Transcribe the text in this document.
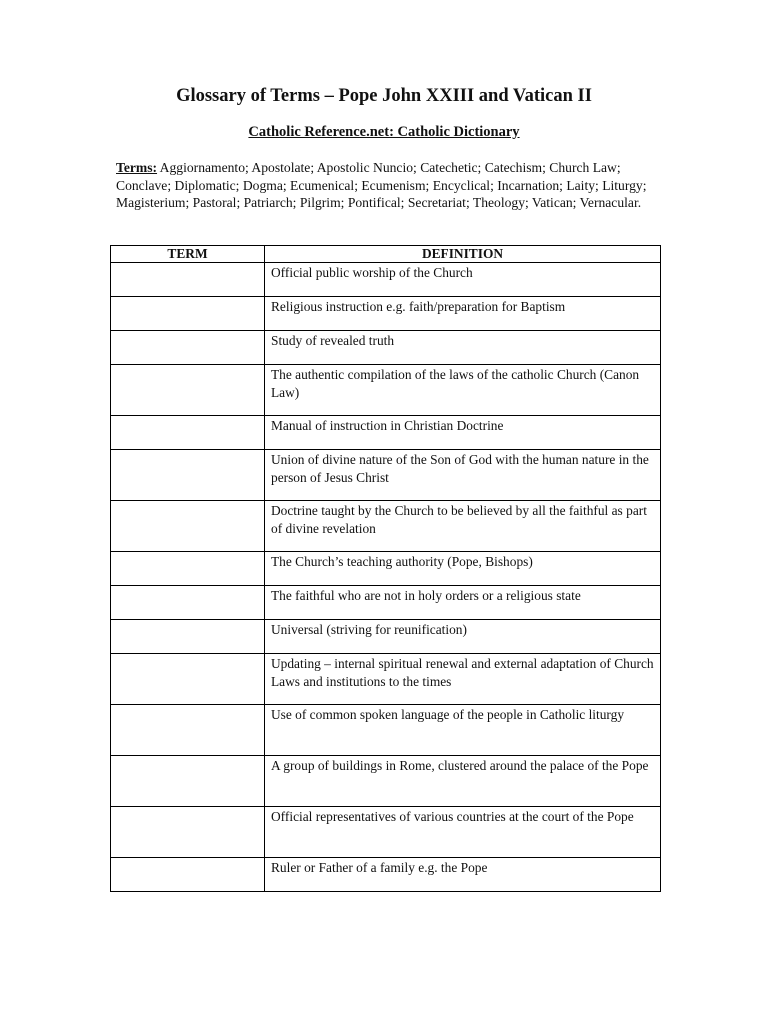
Glossary of Terms – Pope John XXIII and Vatican II
Catholic Reference.net: Catholic Dictionary
Terms: Aggiornamento; Apostolate; Apostolic Nuncio; Catechetic; Catechism; Church Law; Conclave; Diplomatic; Dogma; Ecumenical; Ecumenism; Encyclical; Incarnation; Laity; Liturgy; Magisterium; Pastoral; Patriarch; Pilgrim; Pontifical; Secretariat; Theology; Vatican; Vernacular.
TERM	DEFINITION

	Official public worship of the Church

	Religious instruction e.g. faith/preparation for Baptism

	Study of revealed truth

	The authentic compilation of the laws of the catholic Church (Canon Law)

	Manual of instruction in Christian Doctrine

	Union of divine nature of the Son of God with the human nature in the person of Jesus Christ

	Doctrine taught by the Church to be believed by all the faithful as part of divine revelation

	The Church’s teaching authority (Pope, Bishops)

	The faithful who are not in holy orders or a religious state

	Universal (striving for reunification)

	Updating – internal spiritual renewal and external adaptation of Church Laws and institutions to the times

	Use of common spoken language of the people in Catholic liturgy

	A group of buildings in Rome, clustered around the palace of the Pope

	Official representatives of various countries at the court of the Pope

	Ruler or Father of a family e.g. the Pope
